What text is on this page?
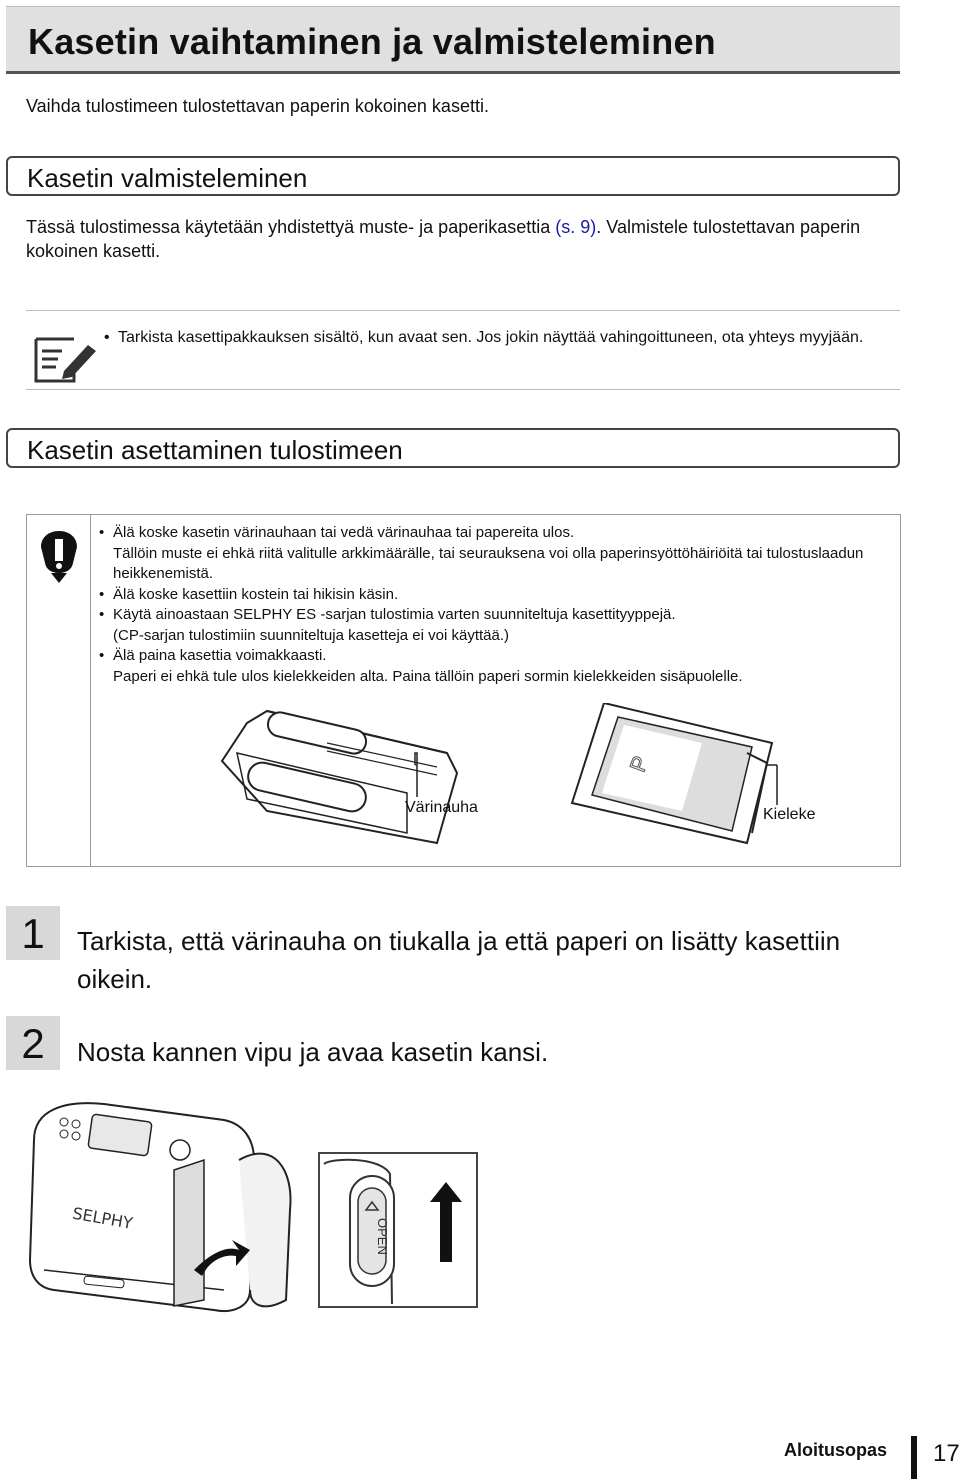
Kasetin vaihtaminen ja valmisteleminen

Vaihda tulostimeen tulostettavan paperin kokoinen kasetti.

Kasetin valmisteleminen

Tässä tulostimessa käytetään yhdistettyä muste- ja paperikasettia (s. 9). Valmistele tulostettavan paperin kokoinen kasetti.

• Tarkista kasettipakkauksen sisältö, kun avaat sen. Jos jokin näyttää vahingoittuneen, ota yhteys myyjään.
Kasetin asettaminen tulostimeen
• Älä koske kasetin värinauhaan tai vedä värinauhaa tai papereita ulos.
Tällöin muste ei ehkä riitä valitulle arkkimäärälle, tai seurauksena voi olla paperinsyöttöhäiriöitä tai tulostuslaadun heikkenemistä.
• Älä koske kasettiin kostein tai hikisin käsin.
• Käytä ainoastaan SELPHY ES -sarjan tulostimia varten suunniteltuja kasettityyppejä.
(CP-sarjan tulostimiin suunniteltuja kasetteja ei voi käyttää.)
• Älä paina kasettia voimakkaasti.
Paperi ei ehkä tule ulos kielekkeiden alta. Paina tällöin paperi sormin kielekkeiden sisäpuolelle.
Värinauha
P
Kieleke
1	Tarkista, että värinauha on tiukalla ja että paperi on lisätty kasettiin oikein.
2	Nosta kannen vipu ja avaa kasetin kansi.
SELPHY	OPEN
Aloitusopas 17
